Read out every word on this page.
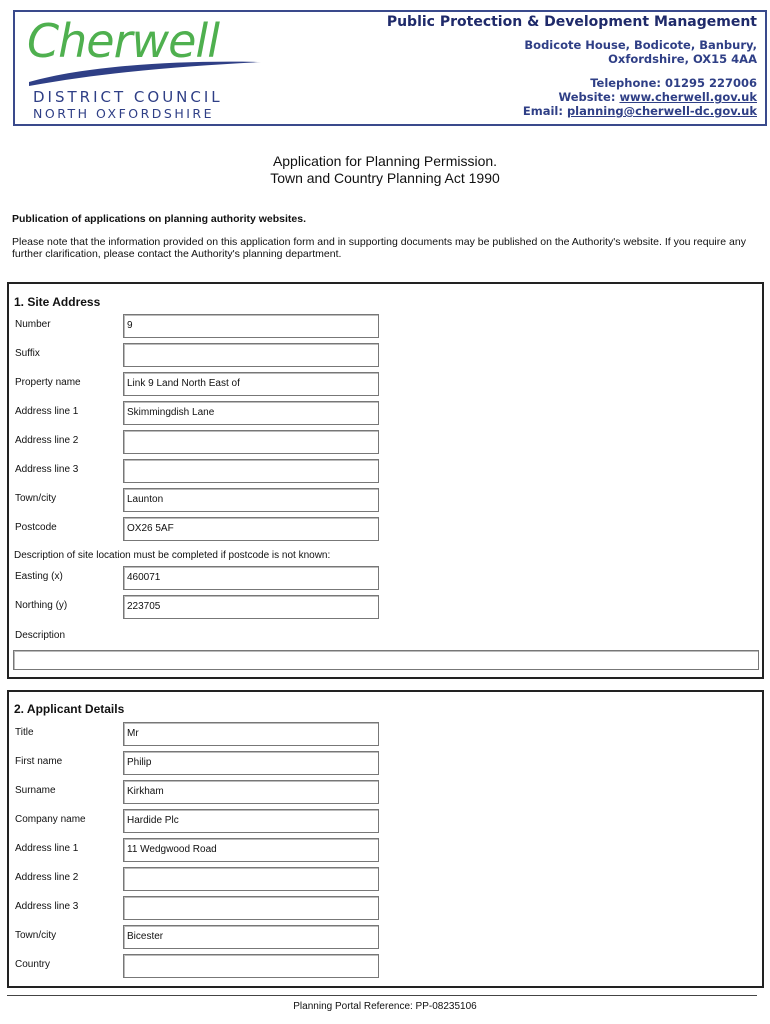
Cherwell
DISTRICT COUNCIL
NORTH OXFORDSHIRE
Public Protection & Development Management
Bodicote House, Bodicote, Banbury,
Oxfordshire, OX15 4AA
Telephone: 01295 227006
Website: www.cherwell.gov.uk
Email: planning@cherwell-dc.gov.uk
Application for Planning Permission.
Town and Country Planning Act 1990
Publication of applications on planning authority websites.
Please note that the information provided on this application form and in supporting documents may be published on the Authority's website. If you require any further clarification, please contact the Authority's planning department.
1. Site Address
Number	9
Suffix
Property name	Link 9 Land North East of
Address line 1	Skimmingdish Lane
Address line 2
Address line 3
Town/city	Launton
Postcode	OX26 5AF
Description of site location must be completed if postcode is not known:
Easting (x)	460071
Northing (y)	223705
Description
2. Applicant Details
Title	Mr
First name	Philip
Surname	Kirkham
Company name	Hardide Plc
Address line 1	11 Wedgwood Road
Address line 2
Address line 3
Town/city	Bicester
Country
Planning Portal Reference: PP-08235106
